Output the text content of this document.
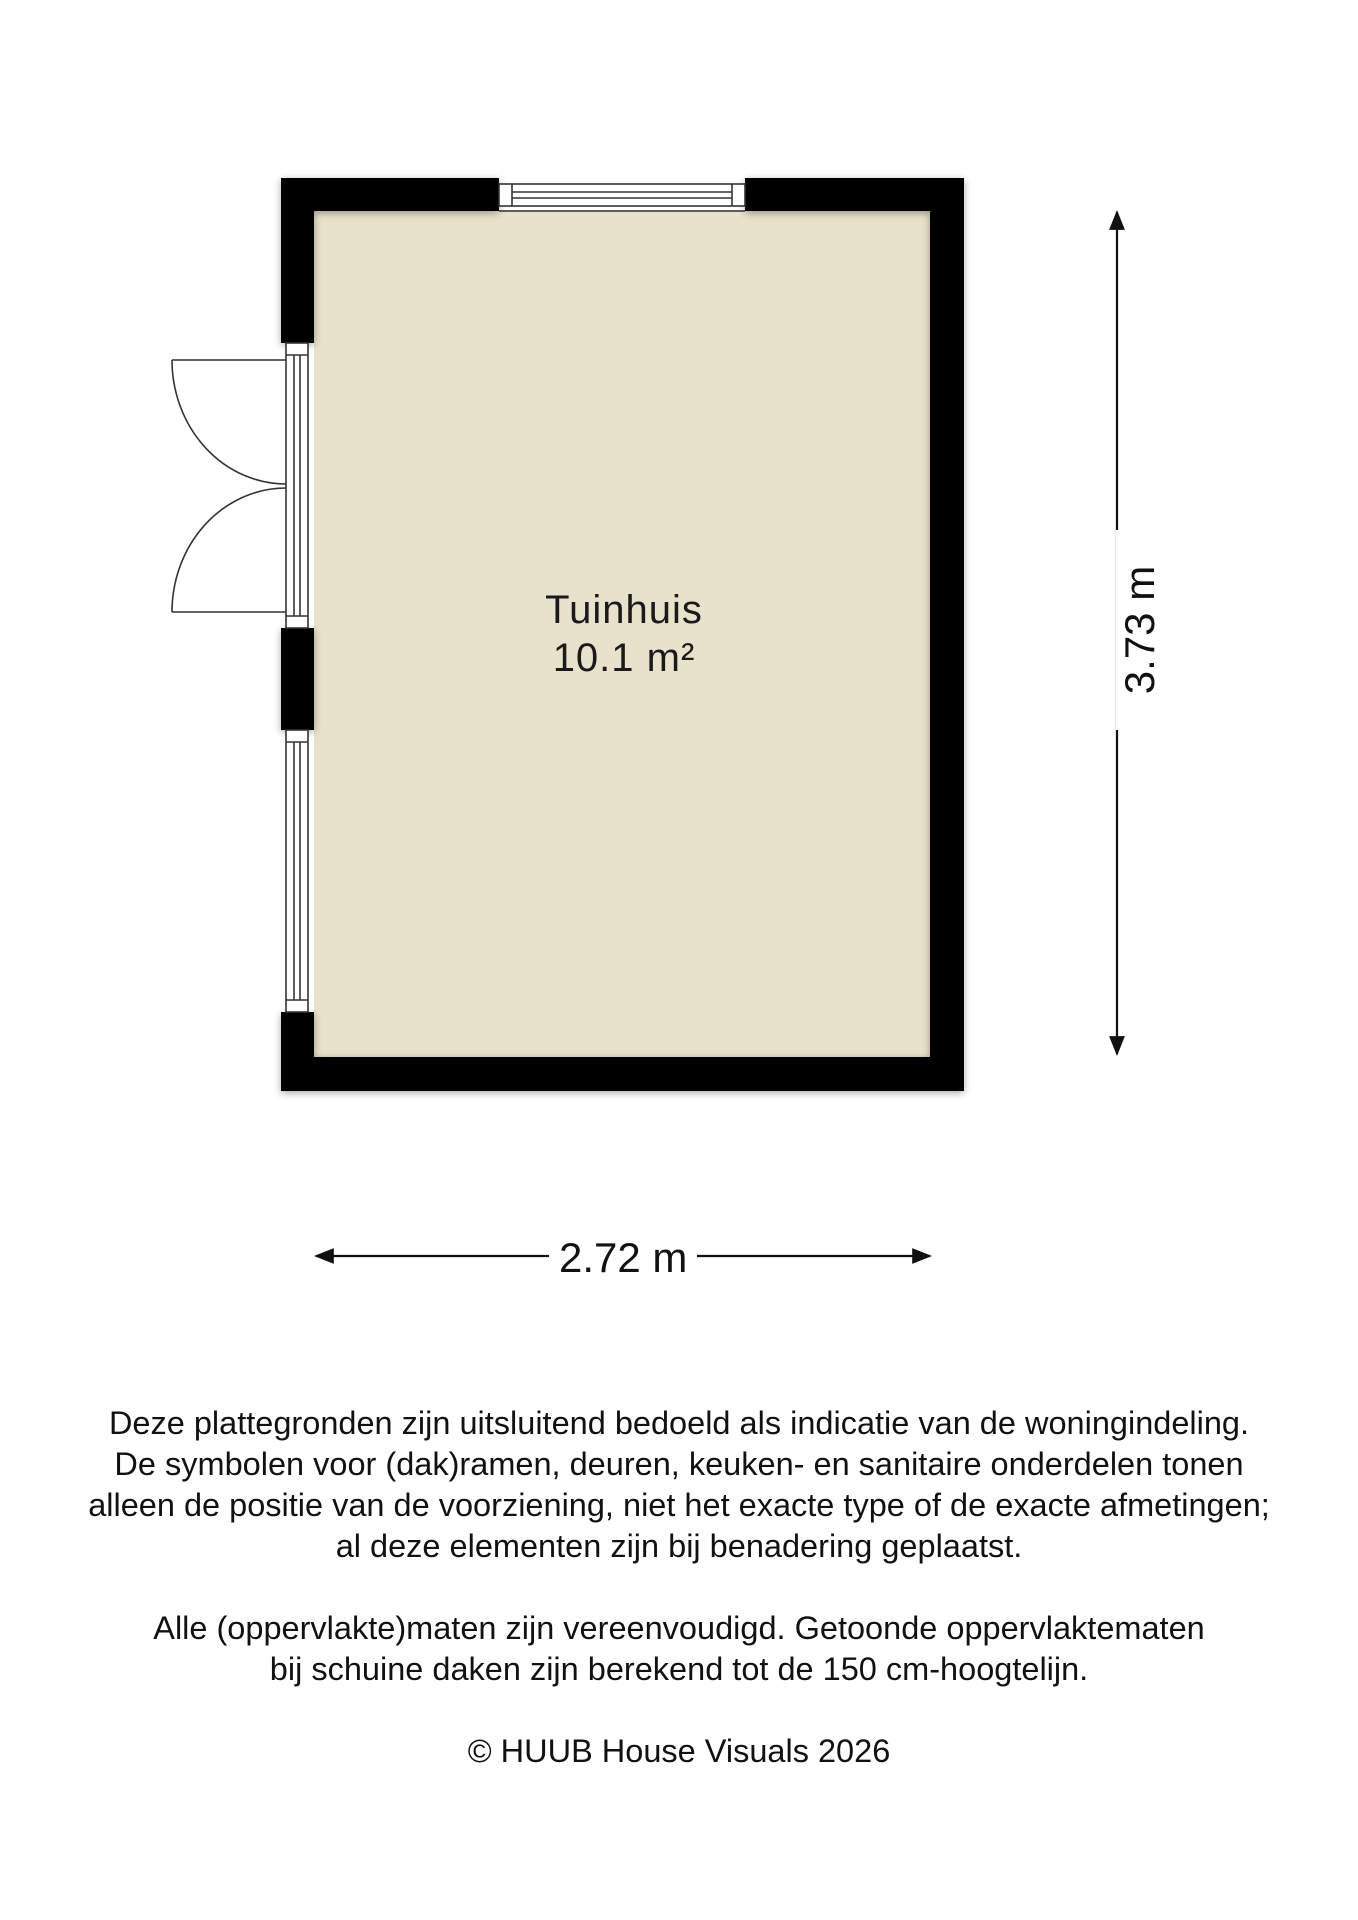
Tuinhuis
10.1 m²
2.72 m
3.73 m

Deze plattegronden zijn uitsluitend bedoeld als indicatie van de woningindeling.
De symbolen voor (dak)ramen, deuren, keuken- en sanitaire onderdelen tonen
alleen de positie van de voorziening, niet het exacte type of de exacte afmetingen;
al deze elementen zijn bij benadering geplaatst.

Alle (oppervlakte)maten zijn vereenvoudigd. Getoonde oppervlaktematen
bij schuine daken zijn berekend tot de 150 cm-hoogtelijn.

© HUUB House Visuals 2026
